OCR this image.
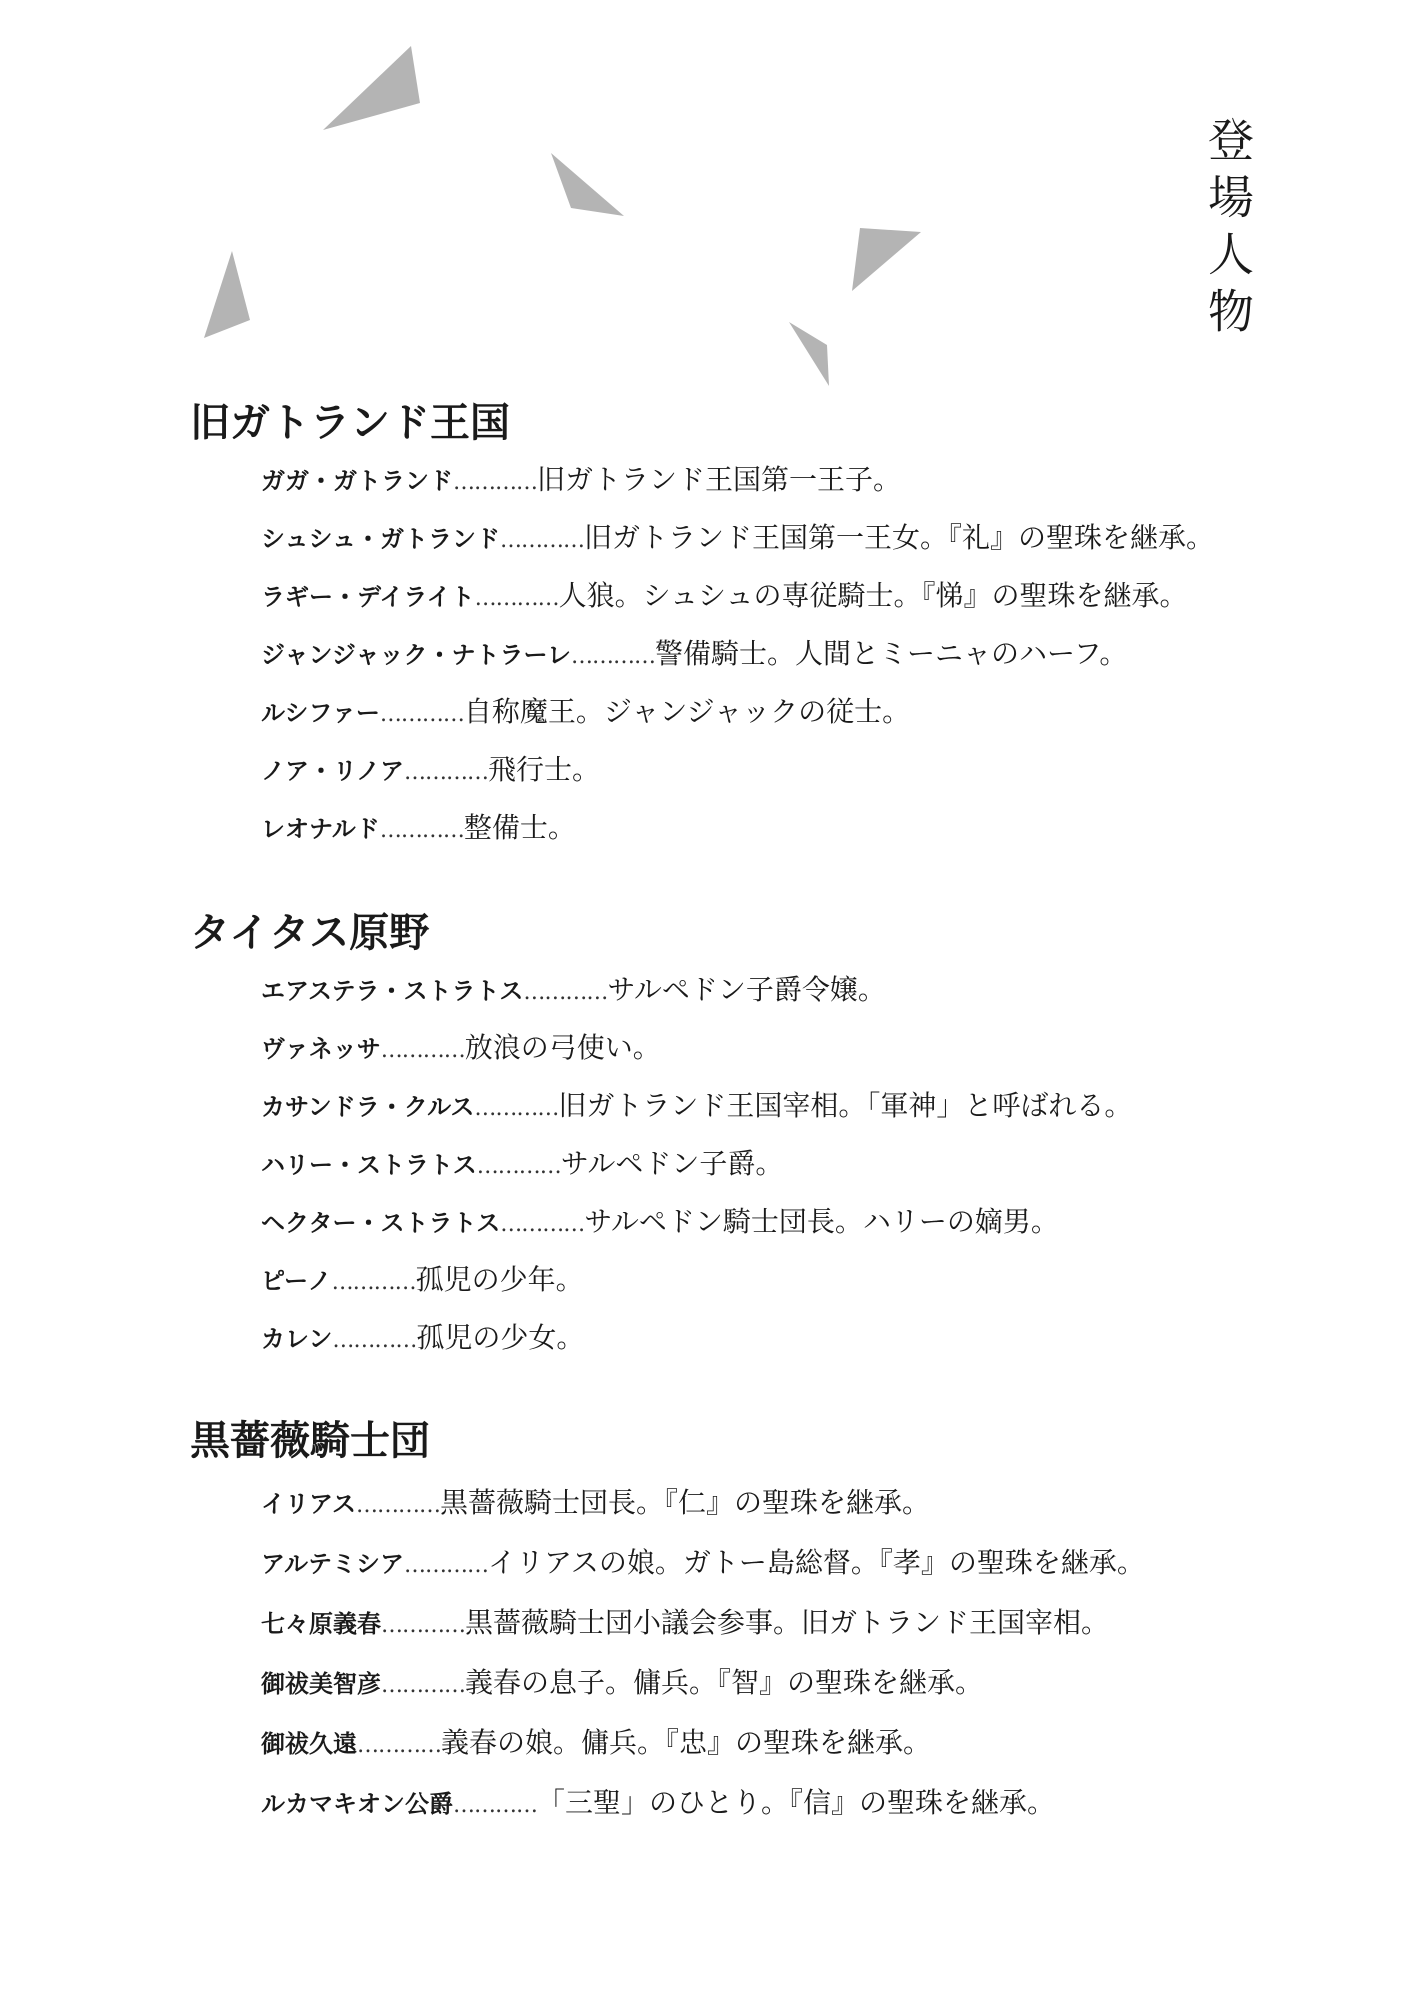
登場人物
旧ガトランド王国
ガガ・ガトランド…………旧ガトランド王国第一王子。
シュシュ・ガトランド…………旧ガトランド王国第一王女。『礼』の聖珠を継承。
ラギー・デイライト…………人狼。シュシュの専従騎士。『悌』の聖珠を継承。
ジャンジャック・ナトラーレ…………警備騎士。人間とミーニャのハーフ。
ルシファー…………自称魔王。ジャンジャックの従士。
ノア・リノア…………飛行士。
レオナルド…………整備士。
タイタス原野
エアステラ・ストラトス…………サルペドン子爵令嬢。
ヴァネッサ…………放浪の弓使い。
カサンドラ・クルス…………旧ガトランド王国宰相。「軍神」と呼ばれる。
ハリー・ストラトス…………サルペドン子爵。
ヘクター・ストラトス…………サルペドン騎士団長。ハリーの嫡男。
ピーノ…………孤児の少年。
カレン…………孤児の少女。
黒薔薇騎士団
イリアス…………黒薔薇騎士団長。『仁』の聖珠を継承。
アルテミシア…………イリアスの娘。ガトー島総督。『孝』の聖珠を継承。
七々原義春…………黒薔薇騎士団小議会参事。旧ガトランド王国宰相。
御祓美智彦…………義春の息子。傭兵。『智』の聖珠を継承。
御祓久遠…………義春の娘。傭兵。『忠』の聖珠を継承。
ルカマキオン公爵…………「三聖」のひとり。『信』の聖珠を継承。
